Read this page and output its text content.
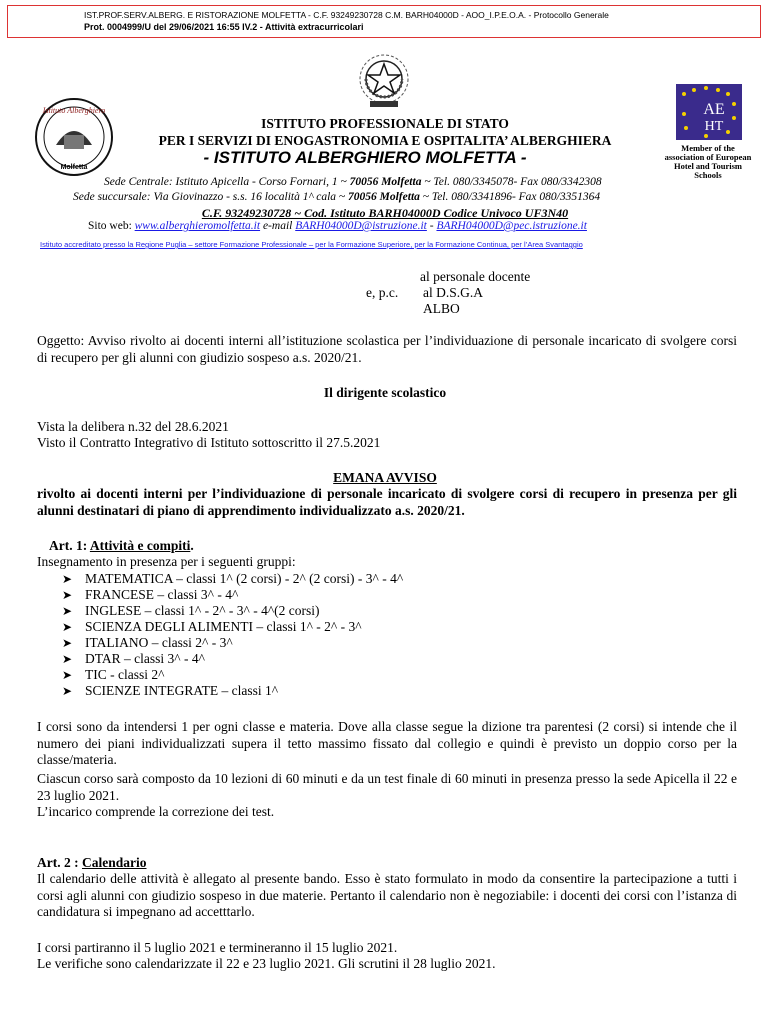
IST.PROF.SERV.ALBERG. E RISTORAZIONE MOLFETTA - C.F. 93249230728 C.M. BARH04000D - AOO_I.P.E.O.A. - Protocollo Generale
Prot. 0004999/U del 29/06/2021 16:55 IV.2 - Attività extracurricolari
Istituto Alberghiero
Molfetta
AE
HT
Member of the association of European Hotel and Tourism Schools
ISTITUTO PROFESSIONALE DI STATO
PER I SERVIZI DI ENOGASTRONOMIA E OSPITALITA’ ALBERGHIERA
- ISTITUTO ALBERGHIERO MOLFETTA -
Sede Centrale: Istituto Apicella - Corso Fornari, 1 ~ 70056 Molfetta ~ Tel. 080/3345078- Fax 080/3342308
Sede succursale: Via Giovinazzo - s.s. 16 località 1^ cala ~ 70056 Molfetta ~ Tel. 080/3341896- Fax 080/3351364
C.F. 93249230728 ~ Cod. Istituto BARH04000D Codice Univoco UF3N40
Sito web: www.alberghieromolfetta.it e-mail BARH04000D@istruzione.it - BARH04000D@pec.istruzione.it
Istituto accreditato presso la Regione Puglia – settore Formazione Professionale – per la Formazione Superiore, per la Formazione Continua, per l’Area Svantaggio
al personale docente
e, p.c. al D.S.G.A
ALBO
Oggetto: Avviso rivolto ai docenti interni all’istituzione scolastica per l’individuazione di personale incaricato di svolgere corsi di recupero per gli alunni con giudizio sospeso a.s. 2020/21.
Il dirigente scolastico
Vista la delibera n.32 del 28.6.2021
Visto il Contratto Integrativo di Istituto sottoscritto il 27.5.2021
EMANA AVVISO
rivolto ai docenti interni per l’individuazione di personale incaricato di svolgere corsi di recupero in presenza per gli alunni destinatari di piano di apprendimento individualizzato a.s. 2020/21.
Art. 1: Attività e compiti.
Insegnamento in presenza per i seguenti gruppi:
➤ MATEMATICA – classi 1^ (2 corsi) - 2^ (2 corsi) - 3^ - 4^
➤ FRANCESE – classi 3^ - 4^
➤ INGLESE – classi 1^ - 2^ - 3^ - 4^(2 corsi)
➤ SCIENZA DEGLI ALIMENTI – classi 1^ - 2^ - 3^
➤ ITALIANO – classi 2^ - 3^
➤ DTAR – classi 3^ - 4^
➤ TIC - classi 2^
➤ SCIENZE INTEGRATE – classi 1^
I corsi sono da intendersi 1 per ogni classe e materia. Dove alla classe segue la dizione tra parentesi (2 corsi) si intende che il numero dei piani individualizzati supera il tetto massimo fissato dal collegio e quindi è previsto un doppio corso per la classe/materia.
Ciascun corso sarà composto da 10 lezioni di 60 minuti e da un test finale di 60 minuti in presenza presso la sede Apicella il 22 e 23 luglio 2021.
L’incarico comprende la correzione dei test.
Art. 2 : Calendario
Il calendario delle attività è allegato al presente bando. Esso è stato formulato in modo da consentire la partecipazione a tutti i corsi agli alunni con giudizio sospeso in due materie. Pertanto il calendario non è negoziabile: i docenti dei corsi con l’istanza di candidatura si impegnano ad accetttarlo.
I corsi partiranno il 5 luglio 2021 e termineranno il 15 luglio 2021.
Le verifiche sono calendarizzate il 22 e 23 luglio 2021. Gli scrutini il 28 luglio 2021.
